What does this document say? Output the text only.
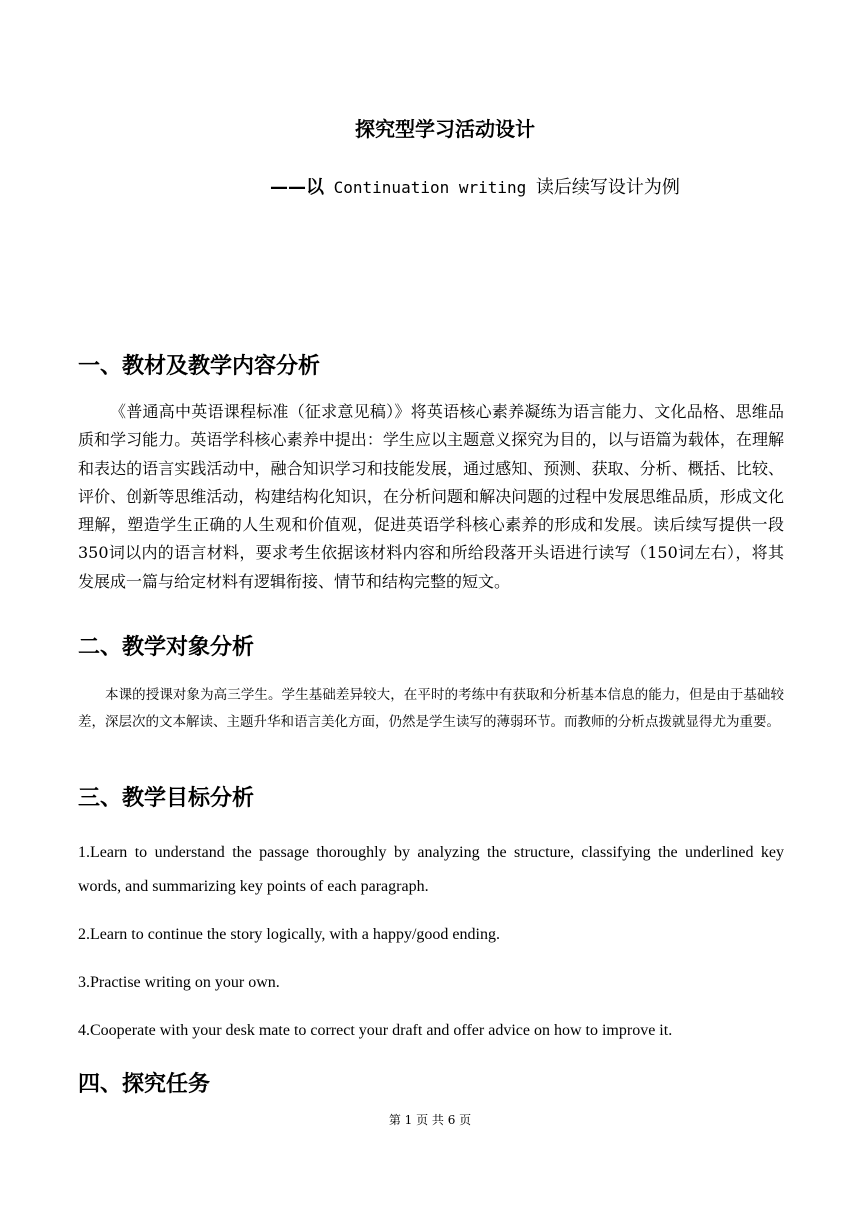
探究型学习活动设计
——以 Continuation writing 读后续写设计为例
一、教材及教学内容分析

《普通高中英语课程标准（征求意见稿）》将英语核心素养凝练为语言能力、文化品格、思维品质和学习能力。英语学科核心素养中提出：学生应以主题意义探究为目的，以与语篇为载体，在理解和表达的语言实践活动中，融合知识学习和技能发展，通过感知、预测、获取、分析、概括、比较、评价、创新等思维活动，构建结构化知识，在分析问题和解决问题的过程中发展思维品质，形成文化理解，塑造学生正确的人生观和价值观，促进英语学科核心素养的形成和发展。读后续写提供一段350词以内的语言材料，要求考生依据该材料内容和所给段落开头语进行读写（150词左右），将其发展成一篇与给定材料有逻辑衔接、情节和结构完整的短文。

二、教学对象分析

本课的授课对象为高三学生。学生基础差异较大，在平时的考练中有获取和分析基本信息的能力，但是由于基础较差，深层次的文本解读、主题升华和语言美化方面，仍然是学生读写的薄弱环节。而教师的分析点拨就显得尤为重要。

三、教学目标分析

1.Learn to understand the passage thoroughly by analyzing the structure, classifying the underlined key words, and summarizing key points of each paragraph.

2.Learn to continue the story logically, with a happy/good ending.

3.Practise writing on your own.

4.Cooperate with your desk mate to correct your draft and offer advice on how to improve it.

四、探究任务
第 1 页 共 6 页
